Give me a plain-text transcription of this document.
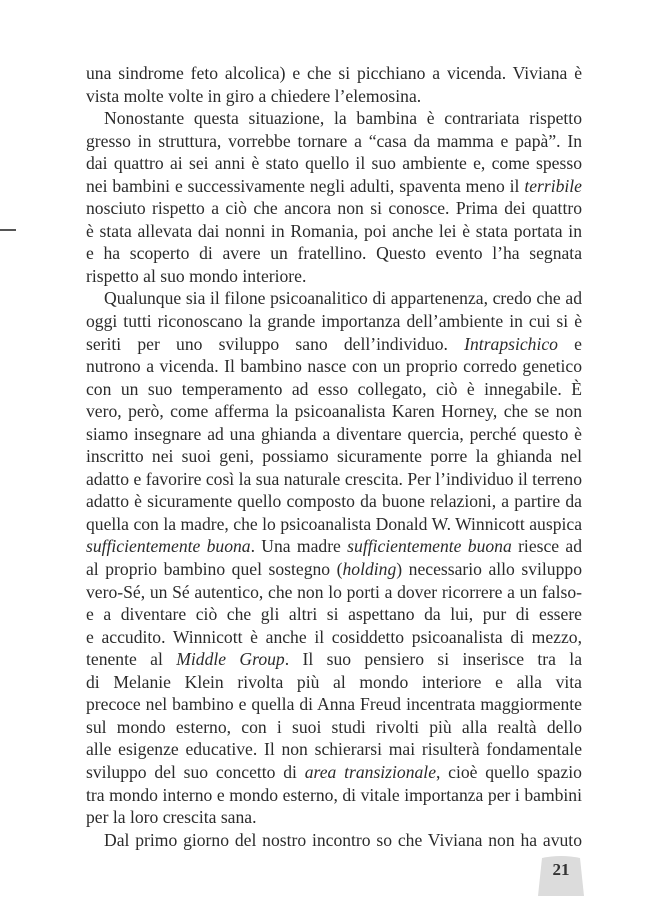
una sindrome feto alcolica) e che si picchiano a vicenda. Viviana è
vista molte volte in giro a chiedere l’elemosina.
Nonostante questa situazione, la bambina è contrariata rispetto
gresso in struttura, vorrebbe tornare a “casa da mamma e papà”. In
dai quattro ai sei anni è stato quello il suo ambiente e, come spesso
nei bambini e successivamente negli adulti, spaventa meno il terribile
nosciuto rispetto a ciò che ancora non si conosce. Prima dei quattro
è stata allevata dai nonni in Romania, poi anche lei è stata portata in
e ha scoperto di avere un fratellino. Questo evento l’ha segnata
rispetto al suo mondo interiore.
Qualunque sia il filone psicoanalitico di appartenenza, credo che ad
oggi tutti riconoscano la grande importanza dell’ambiente in cui si è
seriti per uno sviluppo sano dell’individuo. Intrapsichico e
nutrono a vicenda. Il bambino nasce con un proprio corredo genetico
con un suo temperamento ad esso collegato, ciò è innegabile. È
vero, però, come afferma la psicoanalista Karen Horney, che se non
siamo insegnare ad una ghianda a diventare quercia, perché questo è
inscritto nei suoi geni, possiamo sicuramente porre la ghianda nel
adatto e favorire così la sua naturale crescita. Per l’individuo il terreno
adatto è sicuramente quello composto da buone relazioni, a partire da
quella con la madre, che lo psicoanalista Donald W. Winnicott auspica
sufficientemente buona. Una madre sufficientemente buona riesce ad
al proprio bambino quel sostegno (holding) necessario allo sviluppo
vero-Sé, un Sé autentico, che non lo porti a dover ricorrere a un falso-
e a diventare ciò che gli altri si aspettano da lui, pur di essere
e accudito. Winnicott è anche il cosiddetto psicoanalista di mezzo,
tenente al Middle Group. Il suo pensiero si inserisce tra la
di Melanie Klein rivolta più al mondo interiore e alla vita
precoce nel bambino e quella di Anna Freud incentrata maggiormente
sul mondo esterno, con i suoi studi rivolti più alla realtà dello
alle esigenze educative. Il non schierarsi mai risulterà fondamentale
sviluppo del suo concetto di area transizionale, cioè quello spazio
tra mondo interno e mondo esterno, di vitale importanza per i bambini
per la loro crescita sana.
Dal primo giorno del nostro incontro so che Viviana non ha avuto
21
